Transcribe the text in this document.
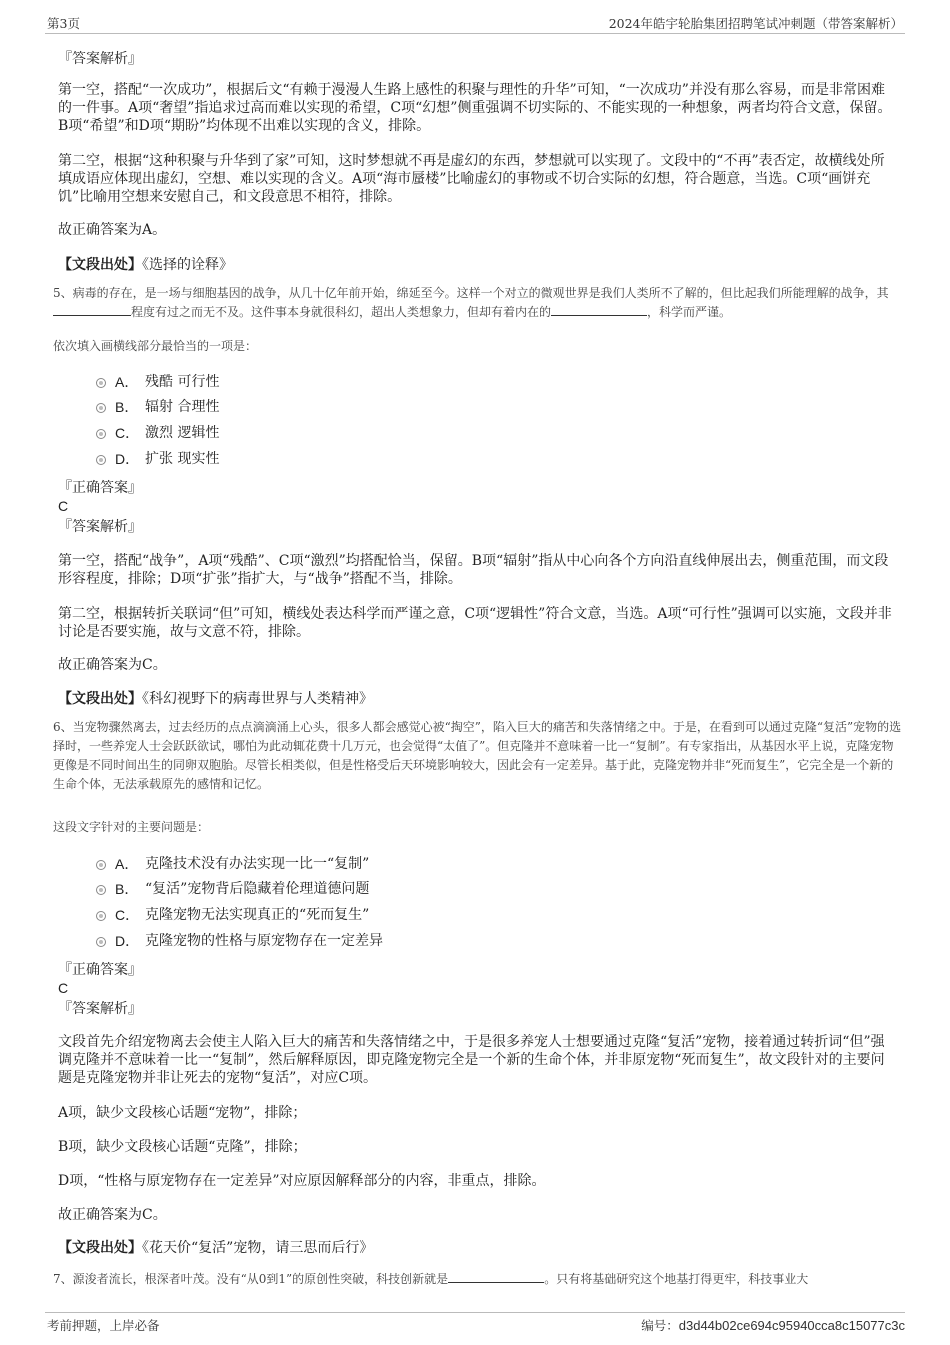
第3页	2024年皓宇轮胎集团招聘笔试冲刺题（带答案解析）
『答案解析』
第一空，搭配“一次成功”，根据后文“有赖于漫漫人生路上感性的积聚与理性的升华”可知，“一次成功”并没有那么容易，而是非常困难的一件事。A项“奢望”指追求过高而难以实现的希望，C项“幻想”侧重强调不切实际的、不能实现的一种想象，两者均符合文意，保留。B项“希望”和D项“期盼”均体现不出难以实现的含义，排除。
第二空，根据“这种积聚与升华到了家”可知，这时梦想就不再是虚幻的东西，梦想就可以实现了。文段中的“不再”表否定，故横线处所填成语应体现出虚幻，空想、难以实现的含义。A项“海市蜃楼”比喻虚幻的事物或不切合实际的幻想，符合题意，当选。C项“画饼充饥”比喻用空想来安慰自己，和文段意思不相符，排除。
故正确答案为A。
【文段出处】《选择的诠释》
5、病毒的存在，是一场与细胞基因的战争，从几十亿年前开始，绵延至今。这样一个对立的微观世界是我们人类所不了解的，但比起我们所能理解的战争，其程度有过之而无不及。这件事本身就很科幻，超出人类想象力，但却有着内在的	，科学而严谨。
依次填入画横线部分最恰当的一项是：
A． 残酷 可行性
B． 辐射 合理性
C． 激烈 逻辑性
D． 扩张 现实性
『正确答案』
C
『答案解析』
第一空，搭配“战争”，A项“残酷”、C项“激烈”均搭配恰当，保留。B项“辐射”指从中心向各个方向沿直线伸展出去，侧重范围，而文段形容程度，排除；D项“扩张”指扩大，与“战争”搭配不当，排除。
第二空，根据转折关联词“但”可知，横线处表达科学而严谨之意，C项“逻辑性”符合文意，当选。A项“可行性”强调可以实施，文段并非讨论是否要实施，故与文意不符，排除。
故正确答案为C。
【文段出处】《科幻视野下的病毒世界与人类精神》
6、当宠物骤然离去，过去经历的点点滴滴涌上心头，很多人都会感觉心被“掏空”，陷入巨大的痛苦和失落情绪之中。于是，在看到可以通过克隆“复活”宠物的选择时，一些养宠人士会跃跃欲试，哪怕为此动辄花费十几万元，也会觉得“太值了”。但克隆并不意味着一比一“复制”。有专家指出，从基因水平上说，克隆宠物更像是不同时间出生的同卵双胞胎。尽管长相类似，但是性格受后天环境影响较大，因此会有一定差异。基于此，克隆宠物并非“死而复生”，它完全是一个新的生命个体，无法承载原先的感情和记忆。
这段文字针对的主要问题是：
A． 克隆技术没有办法实现一比一“复制”
B． “复活”宠物背后隐藏着伦理道德问题
C． 克隆宠物无法实现真正的“死而复生”
D． 克隆宠物的性格与原宠物存在一定差异
『正确答案』
C
『答案解析』
文段首先介绍宠物离去会使主人陷入巨大的痛苦和失落情绪之中，于是很多养宠人士想要通过克隆“复活”宠物，接着通过转折词“但”强调克隆并不意味着一比一“复制”，然后解释原因，即克隆宠物完全是一个新的生命个体，并非原宠物“死而复生”，故文段针对的主要问题是克隆宠物并非让死去的宠物“复活”，对应C项。
A项，缺少文段核心话题“宠物”，排除；
B项，缺少文段核心话题“克隆”，排除；
D项，“性格与原宠物存在一定差异”对应原因解释部分的内容，非重点，排除。
故正确答案为C。
【文段出处】《花天价“复活”宠物，请三思而后行》
7、源浚者流长，根深者叶茂。没有“从0到1”的原创性突破，科技创新就是	。只有将基础研究这个地基打得更牢，科技事业大
考前押题，上岸必备	编号：d3d44b02ce694c95940cca8c15077c3c
